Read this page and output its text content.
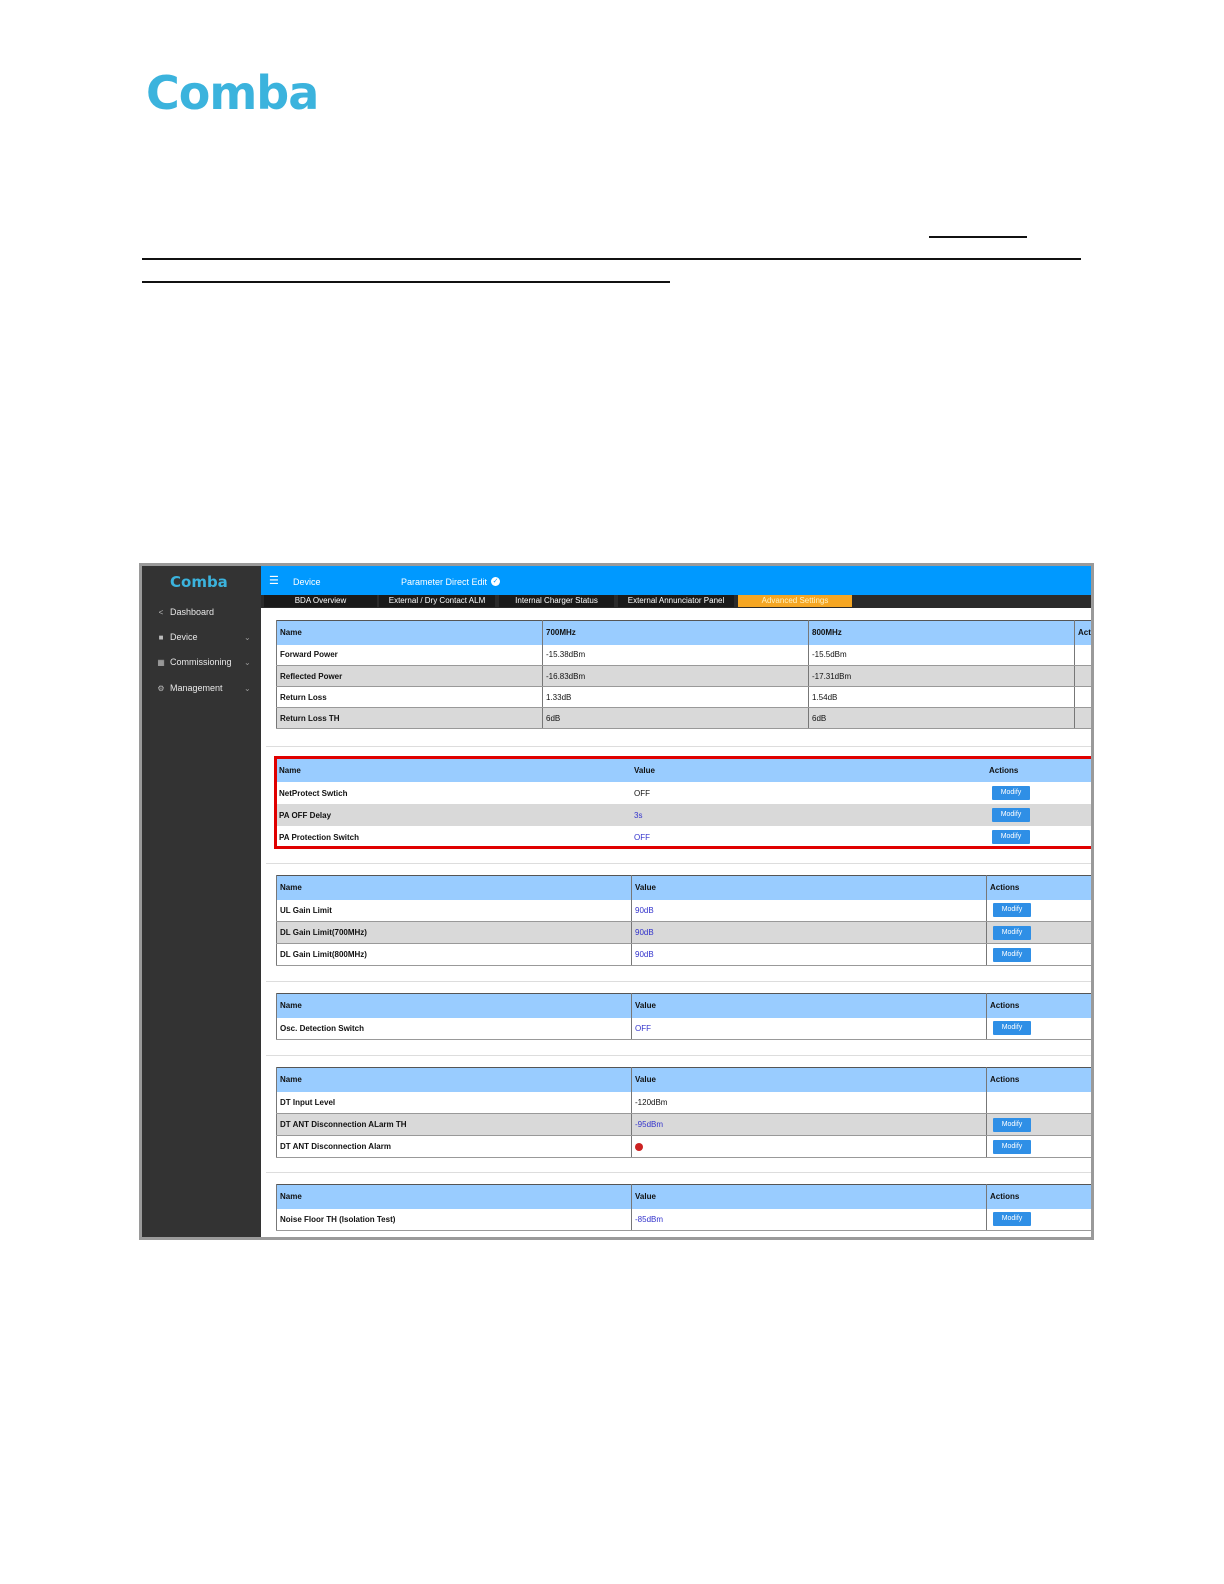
Comba
Comba
< Dashboard
■ Device	⌄
▦ Commissioning ⌄
⚙ Management	⌄
☰ Device	Parameter Direct Edit ✓
BDA Overview	External / Dry Contact ALM	Internal Charger Status	External Annunciator Panel	Advanced Settings
Name	700MHz	800MHz	Act
Forward Power	-15.38dBm	-15.5dBm	
Reflected Power	-16.83dBm	-17.31dBm	
Return Loss	1.33dB	1.54dB	
Return Loss TH	6dB	6dB	
Name	Value	Actions
NetProtect Swtich	OFF	Modify
PA OFF Delay	3s	Modify
PA Protection Switch	OFF	Modify
Name	Value	Actions
UL Gain Limit	90dB	Modify
DL Gain Limit(700MHz)	90dB	Modify
DL Gain Limit(800MHz)	90dB	Modify
Name	Value	Actions
Osc. Detection Switch	OFF	Modify
Name	Value	Actions
DT Input Level	-120dBm	
DT ANT Disconnection ALarm TH	-95dBm	Modify
DT ANT Disconnection Alarm		Modify
Name	Value	Actions
Noise Floor TH (Isolation Test)	-85dBm	Modify
